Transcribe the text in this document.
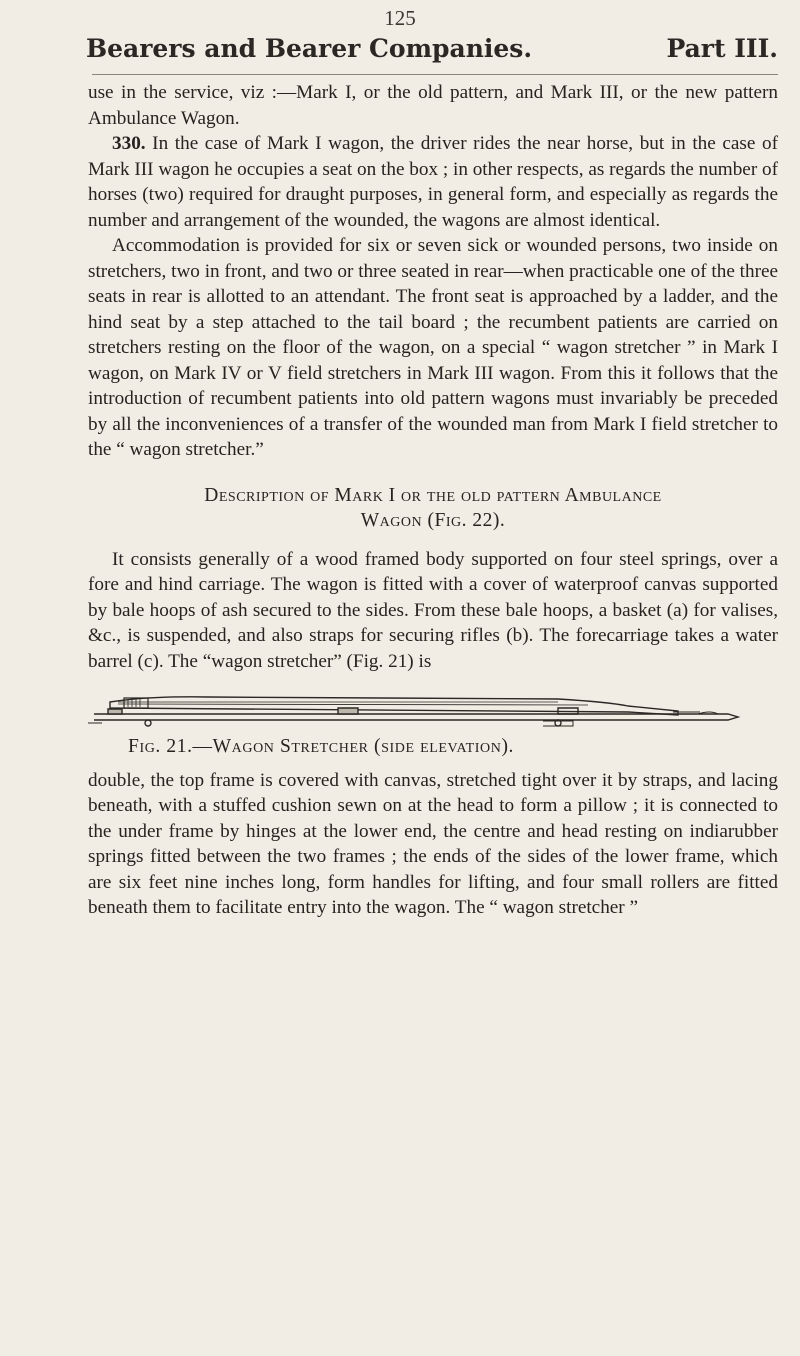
125
Bearers and Bearer Companies.	Part III.

use in the service, viz :—Mark I, or the old pattern, and Mark III, or the new pattern Ambulance Wagon.

330. In the case of Mark I wagon, the driver rides the near horse, but in the case of Mark III wagon he occupies a seat on the box ; in other respects, as regards the number of horses (two) required for draught purposes, in general form, and especially as regards the number and arrangement of the wounded, the wagons are almost identical.

Accommodation is provided for six or seven sick or wounded persons, two inside on stretchers, two in front, and two or three seated in rear—when practicable one of the three seats in rear is allotted to an attendant. The front seat is approached by a ladder, and the hind seat by a step attached to the tail board ; the recumbent patients are carried on stretchers resting on the floor of the wagon, on a special “ wagon stretcher ” in Mark I wagon, on Mark IV or V field stretchers in Mark III wagon. From this it follows that the introduction of recumbent patients into old pattern wagons must invariably be preceded by all the inconveniences of a transfer of the wounded man from Mark I field stretcher to the “ wagon stretcher.”

Description of Mark I or the old pattern Ambulance
Wagon (Fig. 22).

It consists generally of a wood framed body supported on four steel springs, over a fore and hind carriage. The wagon is fitted with a cover of waterproof canvas supported by bale hoops of ash secured to the sides. From these bale hoops, a basket (a) for valises, &c., is suspended, and also straps for securing rifles (b). The forecarriage takes a water barrel (c). The “wagon stretcher” (Fig. 21) is

Fig. 21.—Wagon Stretcher (side elevation).

double, the top frame is covered with canvas, stretched tight over it by straps, and lacing beneath, with a stuffed cushion sewn on at the head to form a pillow ; it is connected to the under frame by hinges at the lower end, the centre and head resting on indiarubber springs fitted between the two frames ; the ends of the sides of the lower frame, which are six feet nine inches long, form handles for lifting, and four small rollers are fitted beneath them to facilitate entry into the wagon. The “ wagon stretcher ”
